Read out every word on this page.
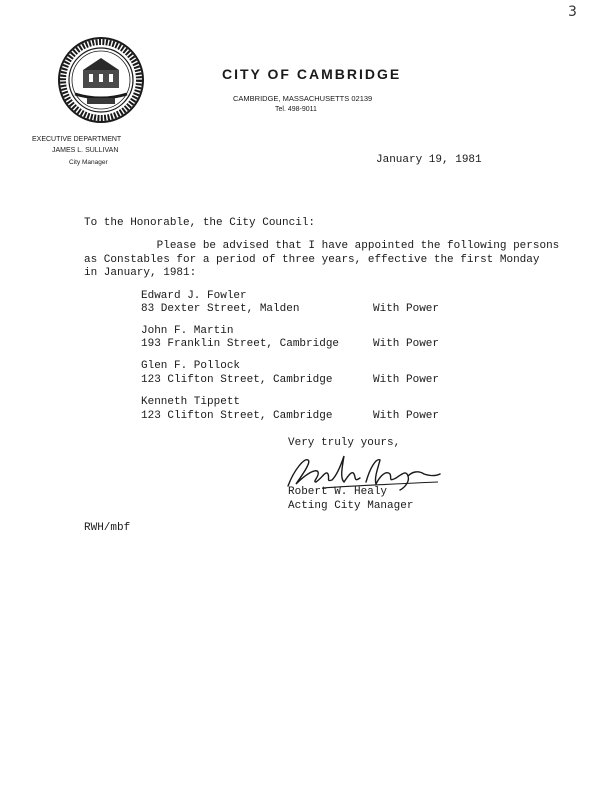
3
CITY OF CAMBRIDGE
CAMBRIDGE, MASSACHUSETTS 02139
Tel. 498-9011
EXECUTIVE DEPARTMENT
JAMES L. SULLIVAN
City Manager	January 19, 1981
To the Honorable, the City Council:
Please be advised that I have appointed the following persons
as Constables for a period of three years, effective the first Monday
in January, 1981:
Edward J. Fowler
83 Dexter Street, Malden	With Power
John F. Martin
193 Franklin Street, Cambridge	With Power
Glen F. Pollock
123 Clifton Street, Cambridge	With Power
Kenneth Tippett
123 Clifton Street, Cambridge	With Power
Very truly yours,
Robert W. Healy
Acting City Manager
RWH/mbf
